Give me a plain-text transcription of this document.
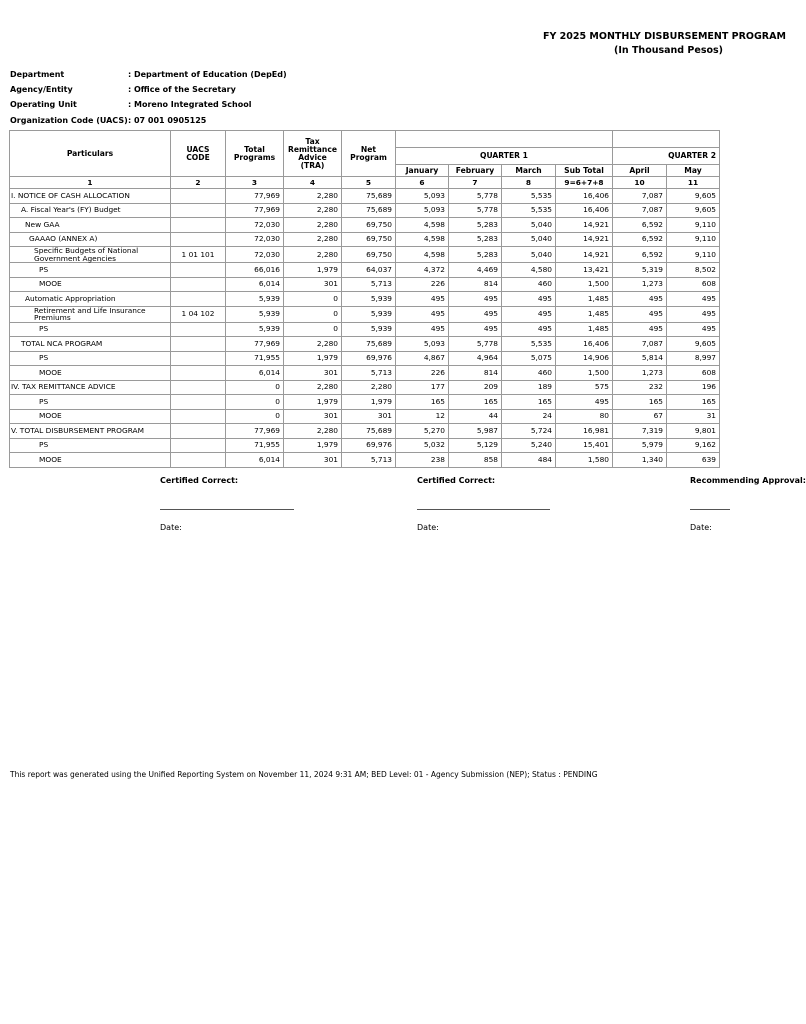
FY 2025 MONTHLY DISBURSEMENT PROGRAM
(In Thousand Pesos)
Department	: Department of Education (DepEd)
Agency/Entity	: Office of the Secretary
Operating Unit	: Moreno Integrated School
Organization Code (UACS): 07 001 0905125
Particulars	UACS CODE	Total Programs	Tax Remittance Advice (TRA)	Net Program						
					QUARTER 1				QUARTER 2	
					January	February	March	Sub Total	April	May
1	2	3	4	5	6	7	8	9=6+7+8	10	11
I. NOTICE OF CASH ALLOCATION		77,969	2,280	75,689	5,093	5,778	5,535	16,406	7,087	9,605
A. Fiscal Year's (FY) Budget		77,969	2,280	75,689	5,093	5,778	5,535	16,406	7,087	9,605
New GAA		72,030	2,280	69,750	4,598	5,283	5,040	14,921	6,592	9,110
GAAAO (ANNEX A)		72,030	2,280	69,750	4,598	5,283	5,040	14,921	6,592	9,110
Specific Budgets of National Government Agencies	1 01 101	72,030	2,280	69,750	4,598	5,283	5,040	14,921	6,592	9,110
PS		66,016	1,979	64,037	4,372	4,469	4,580	13,421	5,319	8,502
MOOE		6,014	301	5,713	226	814	460	1,500	1,273	608
Automatic Appropriation		5,939	0	5,939	495	495	495	1,485	495	495
Retirement and Life Insurance Premiums	1 04 102	5,939	0	5,939	495	495	495	1,485	495	495
PS		5,939	0	5,939	495	495	495	1,485	495	495
TOTAL NCA PROGRAM		77,969	2,280	75,689	5,093	5,778	5,535	16,406	7,087	9,605
PS		71,955	1,979	69,976	4,867	4,964	5,075	14,906	5,814	8,997
MOOE		6,014	301	5,713	226	814	460	1,500	1,273	608
IV. TAX REMITTANCE ADVICE		0	2,280	2,280	177	209	189	575	232	196
PS		0	1,979	1,979	165	165	165	495	165	165
MOOE		0	301	301	12	44	24	80	67	31
V. TOTAL DISBURSEMENT PROGRAM		77,969	2,280	75,689	5,270	5,987	5,724	16,981	7,319	9,801
PS		71,955	1,979	69,976	5,032	5,129	5,240	15,401	5,979	9,162
MOOE		6,014	301	5,713	238	858	484	1,580	1,340	639
Certified Correct:
Date:
Certified Correct:
Date:
Recommending Approval:
Date:
This report was generated using the Unified Reporting System on November 11, 2024 9:31 AM; BED Level: 01 - Agency Submission (NEP); Status : PENDING
